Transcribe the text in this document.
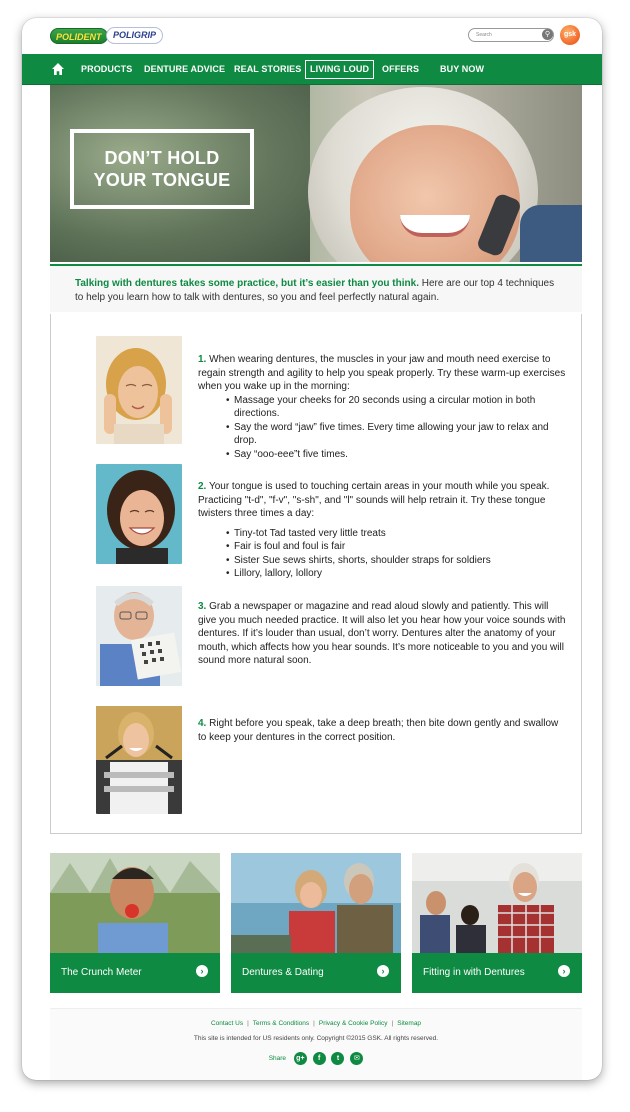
POLIDENT	POLIGRIP	Search	⚲	gsk
PRODUCTS DENTURE ADVICE REAL STORIES LIVING LOUD	OFFERS BUY NOW
DON’T HOLD
YOUR TONGUE
Talking with dentures takes some practice, but it’s easier than you think. Here are our top 4 techniques to help you learn how to talk with dentures, so you and feel perfectly natural again.
1. When wearing dentures, the muscles in your jaw and mouth need exercise to regain strength and agility to help you speak properly. Try these warm-up exercises when you wake up in the morning:
• Massage your cheeks for 20 seconds using a circular motion in both directions.
• Say the word “jaw” five times. Every time allowing your jaw to relax and drop.
• Say “ooo-eee”t five times.
2. Your tongue is used to touching certain areas in your mouth while you speak. Practicing "t-d", "f-v", "s-sh", and "l" sounds will help retrain it. Try these tongue twisters three times a day:
• Tiny-tot Tad tasted very little treats
• Fair is foul and foul is fair
• Sister Sue sews shirts, shorts, shoulder straps for soldiers
• Lillory, lallory, lollory
3. Grab a newspaper or magazine and read aloud slowly and patiently. This will give you much needed practice. It will also let you hear how your voice sounds with dentures. If it’s louder than usual, don’t worry. Dentures alter the anatomy of your mouth, which affects how you hear sounds. It’s more noticeable to you and you will sound more natural soon.
4. Right before you speak, take a deep breath; then bite down gently and swallow to keep your dentures in the correct position.
The Crunch Meter	›	Dentures & Dating	›	Fitting in with Dentures	›
Contact Us | Terms & Conditions | Privacy & Cookie Policy | Sitemap
This site is intended for US residents only. Copyright ©2015 GSK. All rights reserved.
Share g+ f t ✉
